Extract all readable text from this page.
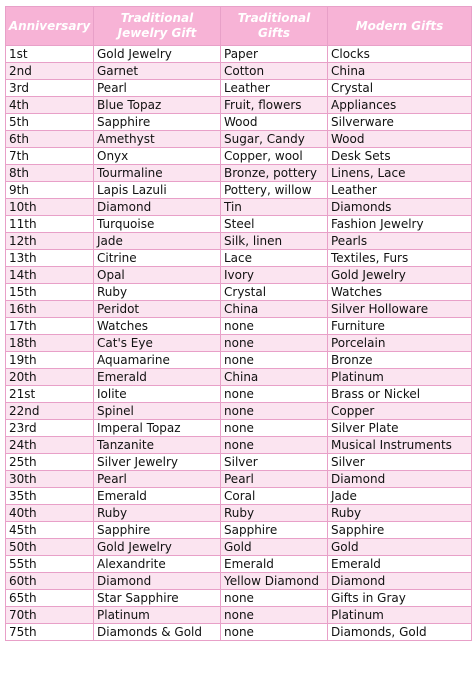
Anniversary	Traditional Jewelry Gift	Traditional Gifts	Modern Gifts
1st	Gold Jewelry	Paper	Clocks
2nd	Garnet	Cotton	China
3rd	Pearl	Leather	Crystal
4th	Blue Topaz	Fruit, flowers	Appliances
5th	Sapphire	Wood	Silverware
6th	Amethyst	Sugar, Candy	Wood
7th	Onyx	Copper, wool	Desk Sets
8th	Tourmaline	Bronze, pottery	Linens, Lace
9th	Lapis Lazuli	Pottery, willow	Leather
10th	Diamond	Tin	Diamonds
11th	Turquoise	Steel	Fashion Jewelry
12th	Jade	Silk, linen	Pearls
13th	Citrine	Lace	Textiles, Furs
14th	Opal	Ivory	Gold Jewelry
15th	Ruby	Crystal	Watches
16th	Peridot	China	Silver Holloware
17th	Watches	none	Furniture
18th	Cat's Eye	none	Porcelain
19th	Aquamarine	none	Bronze
20th	Emerald	China	Platinum
21st	Iolite	none	Brass or Nickel
22nd	Spinel	none	Copper
23rd	Imperal Topaz	none	Silver Plate
24th	Tanzanite	none	Musical Instruments
25th	Silver Jewelry	Silver	Silver
30th	Pearl	Pearl	Diamond
35th	Emerald	Coral	Jade
40th	Ruby	Ruby	Ruby
45th	Sapphire	Sapphire	Sapphire
50th	Gold Jewelry	Gold	Gold
55th	Alexandrite	Emerald	Emerald
60th	Diamond	Yellow Diamond	Diamond
65th	Star Sapphire	none	Gifts in Gray
70th	Platinum	none	Platinum
75th	Diamonds & Gold	none	Diamonds, Gold
